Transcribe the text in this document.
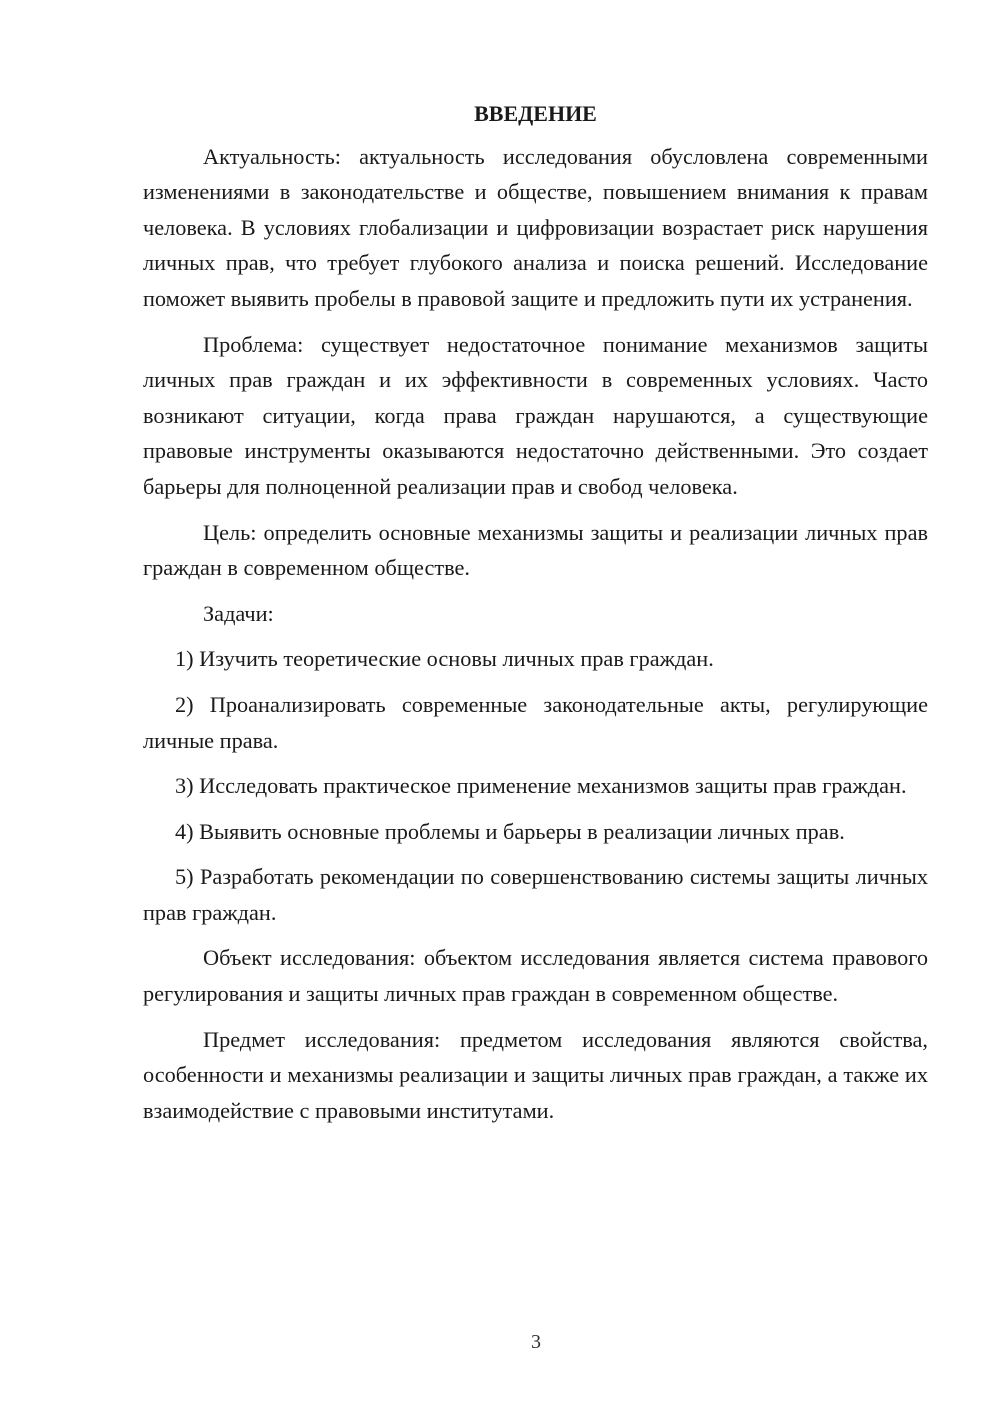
ВВЕДЕНИЕ

Актуальность: актуальность исследования обусловлена современными изменениями в законодательстве и обществе, повышением внимания к правам человека. В условиях глобализации и цифровизации возрастает риск нарушения личных прав, что требует глубокого анализа и поиска решений. Исследование поможет выявить пробелы в правовой защите и предложить пути их устранения.

Проблема: существует недостаточное понимание механизмов защиты личных прав граждан и их эффективности в современных условиях. Часто возникают ситуации, когда права граждан нарушаются, а существующие правовые инструменты оказываются недостаточно действенными. Это создает барьеры для полноценной реализации прав и свобод человека.

Цель: определить основные механизмы защиты и реализации личных прав граждан в современном обществе.

Задачи:

1) Изучить теоретические основы личных прав граждан.

2) Проанализировать современные законодательные акты, регулирующие личные права.

3) Исследовать практическое применение механизмов защиты прав граждан.

4) Выявить основные проблемы и барьеры в реализации личных прав.

5) Разработать рекомендации по совершенствованию системы защиты личных прав граждан.

Объект исследования: объектом исследования является система правового регулирования и защиты личных прав граждан в современном обществе.

Предмет исследования: предметом исследования являются свойства, особенности и механизмы реализации и защиты личных прав граждан, а также их взаимодействие с правовыми институтами.

3
